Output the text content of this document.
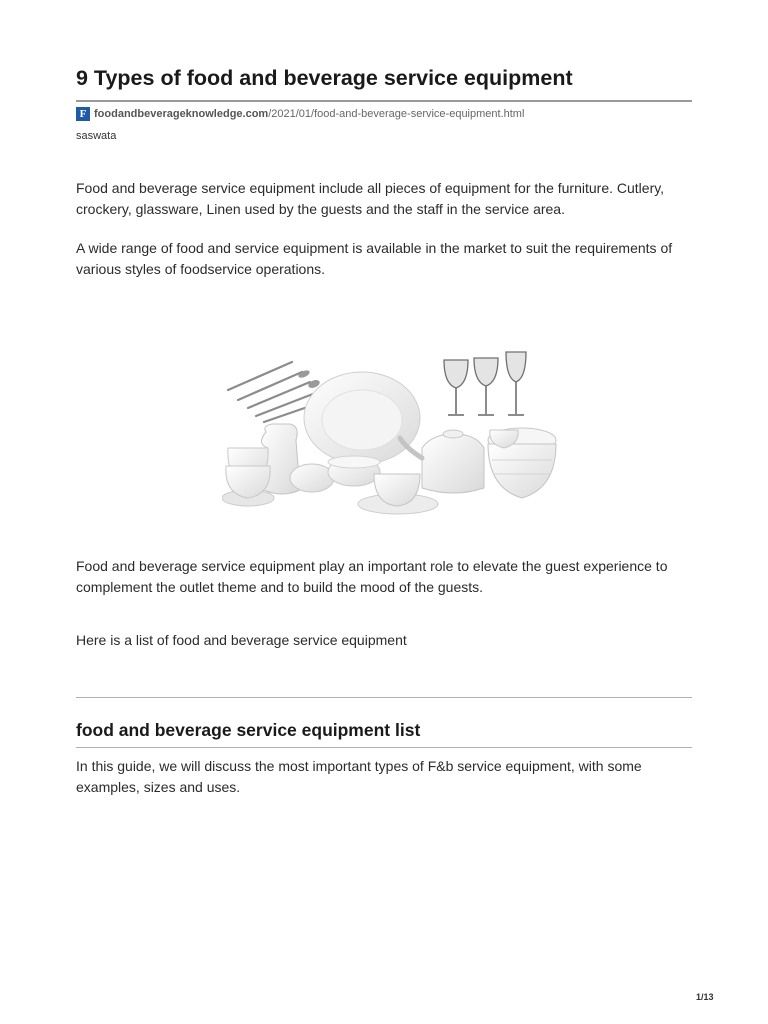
9 Types of food and beverage service equipment
F foodandbeverageknowledge.com /2021/01/food-and-beverage-service-equipment.html
saswata

Food and beverage service equipment include all pieces of equipment for the furniture. Cutlery, crockery, glassware, Linen used by the guests and the staff in the service area.

A wide range of food and service equipment is available in the market to suit the requirements of various styles of foodservice operations.

Food and beverage service equipment play an important role to elevate the guest experience to complement the outlet theme and to build the mood of the guests.

Here is a list of food and beverage service equipment

food and beverage service equipment list

In this guide, we will discuss the most important types of F&b service equipment, with some examples, sizes and uses.

1/13
